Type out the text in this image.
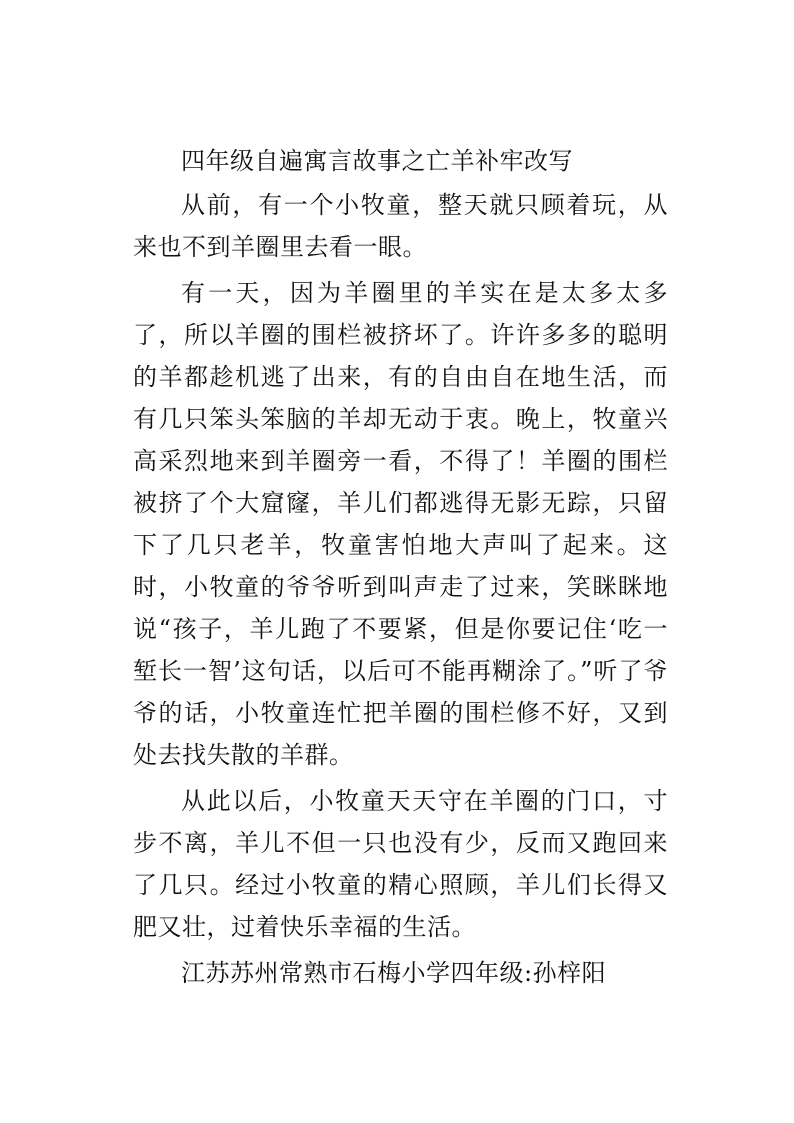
四年级自遍寓言故事之亡羊补牢改写

从前，有一个小牧童，整天就只顾着玩，从来也不到羊圈里去看一眼。

有一天，因为羊圈里的羊实在是太多太多了，所以羊圈的围栏被挤坏了。许许多多的聪明的羊都趁机逃了出来，有的自由自在地生活，而有几只笨头笨脑的羊却无动于衷。晚上，牧童兴高采烈地来到羊圈旁一看，不得了！羊圈的围栏被挤了个大窟窿，羊儿们都逃得无影无踪，只留下了几只老羊，牧童害怕地大声叫了起来。这时，小牧童的爷爷听到叫声走了过来，笑眯眯地说“孩子，羊儿跑了不要紧，但是你要记住‘吃一堑长一智’这句话，以后可不能再糊涂了。”听了爷爷的话，小牧童连忙把羊圈的围栏修不好，又到处去找失散的羊群。

从此以后，小牧童天天守在羊圈的门口，寸步不离，羊儿不但一只也没有少，反而又跑回来了几只。经过小牧童的精心照顾，羊儿们长得又肥又壮，过着快乐幸福的生活。

江苏苏州常熟市石梅小学四年级:孙梓阳
